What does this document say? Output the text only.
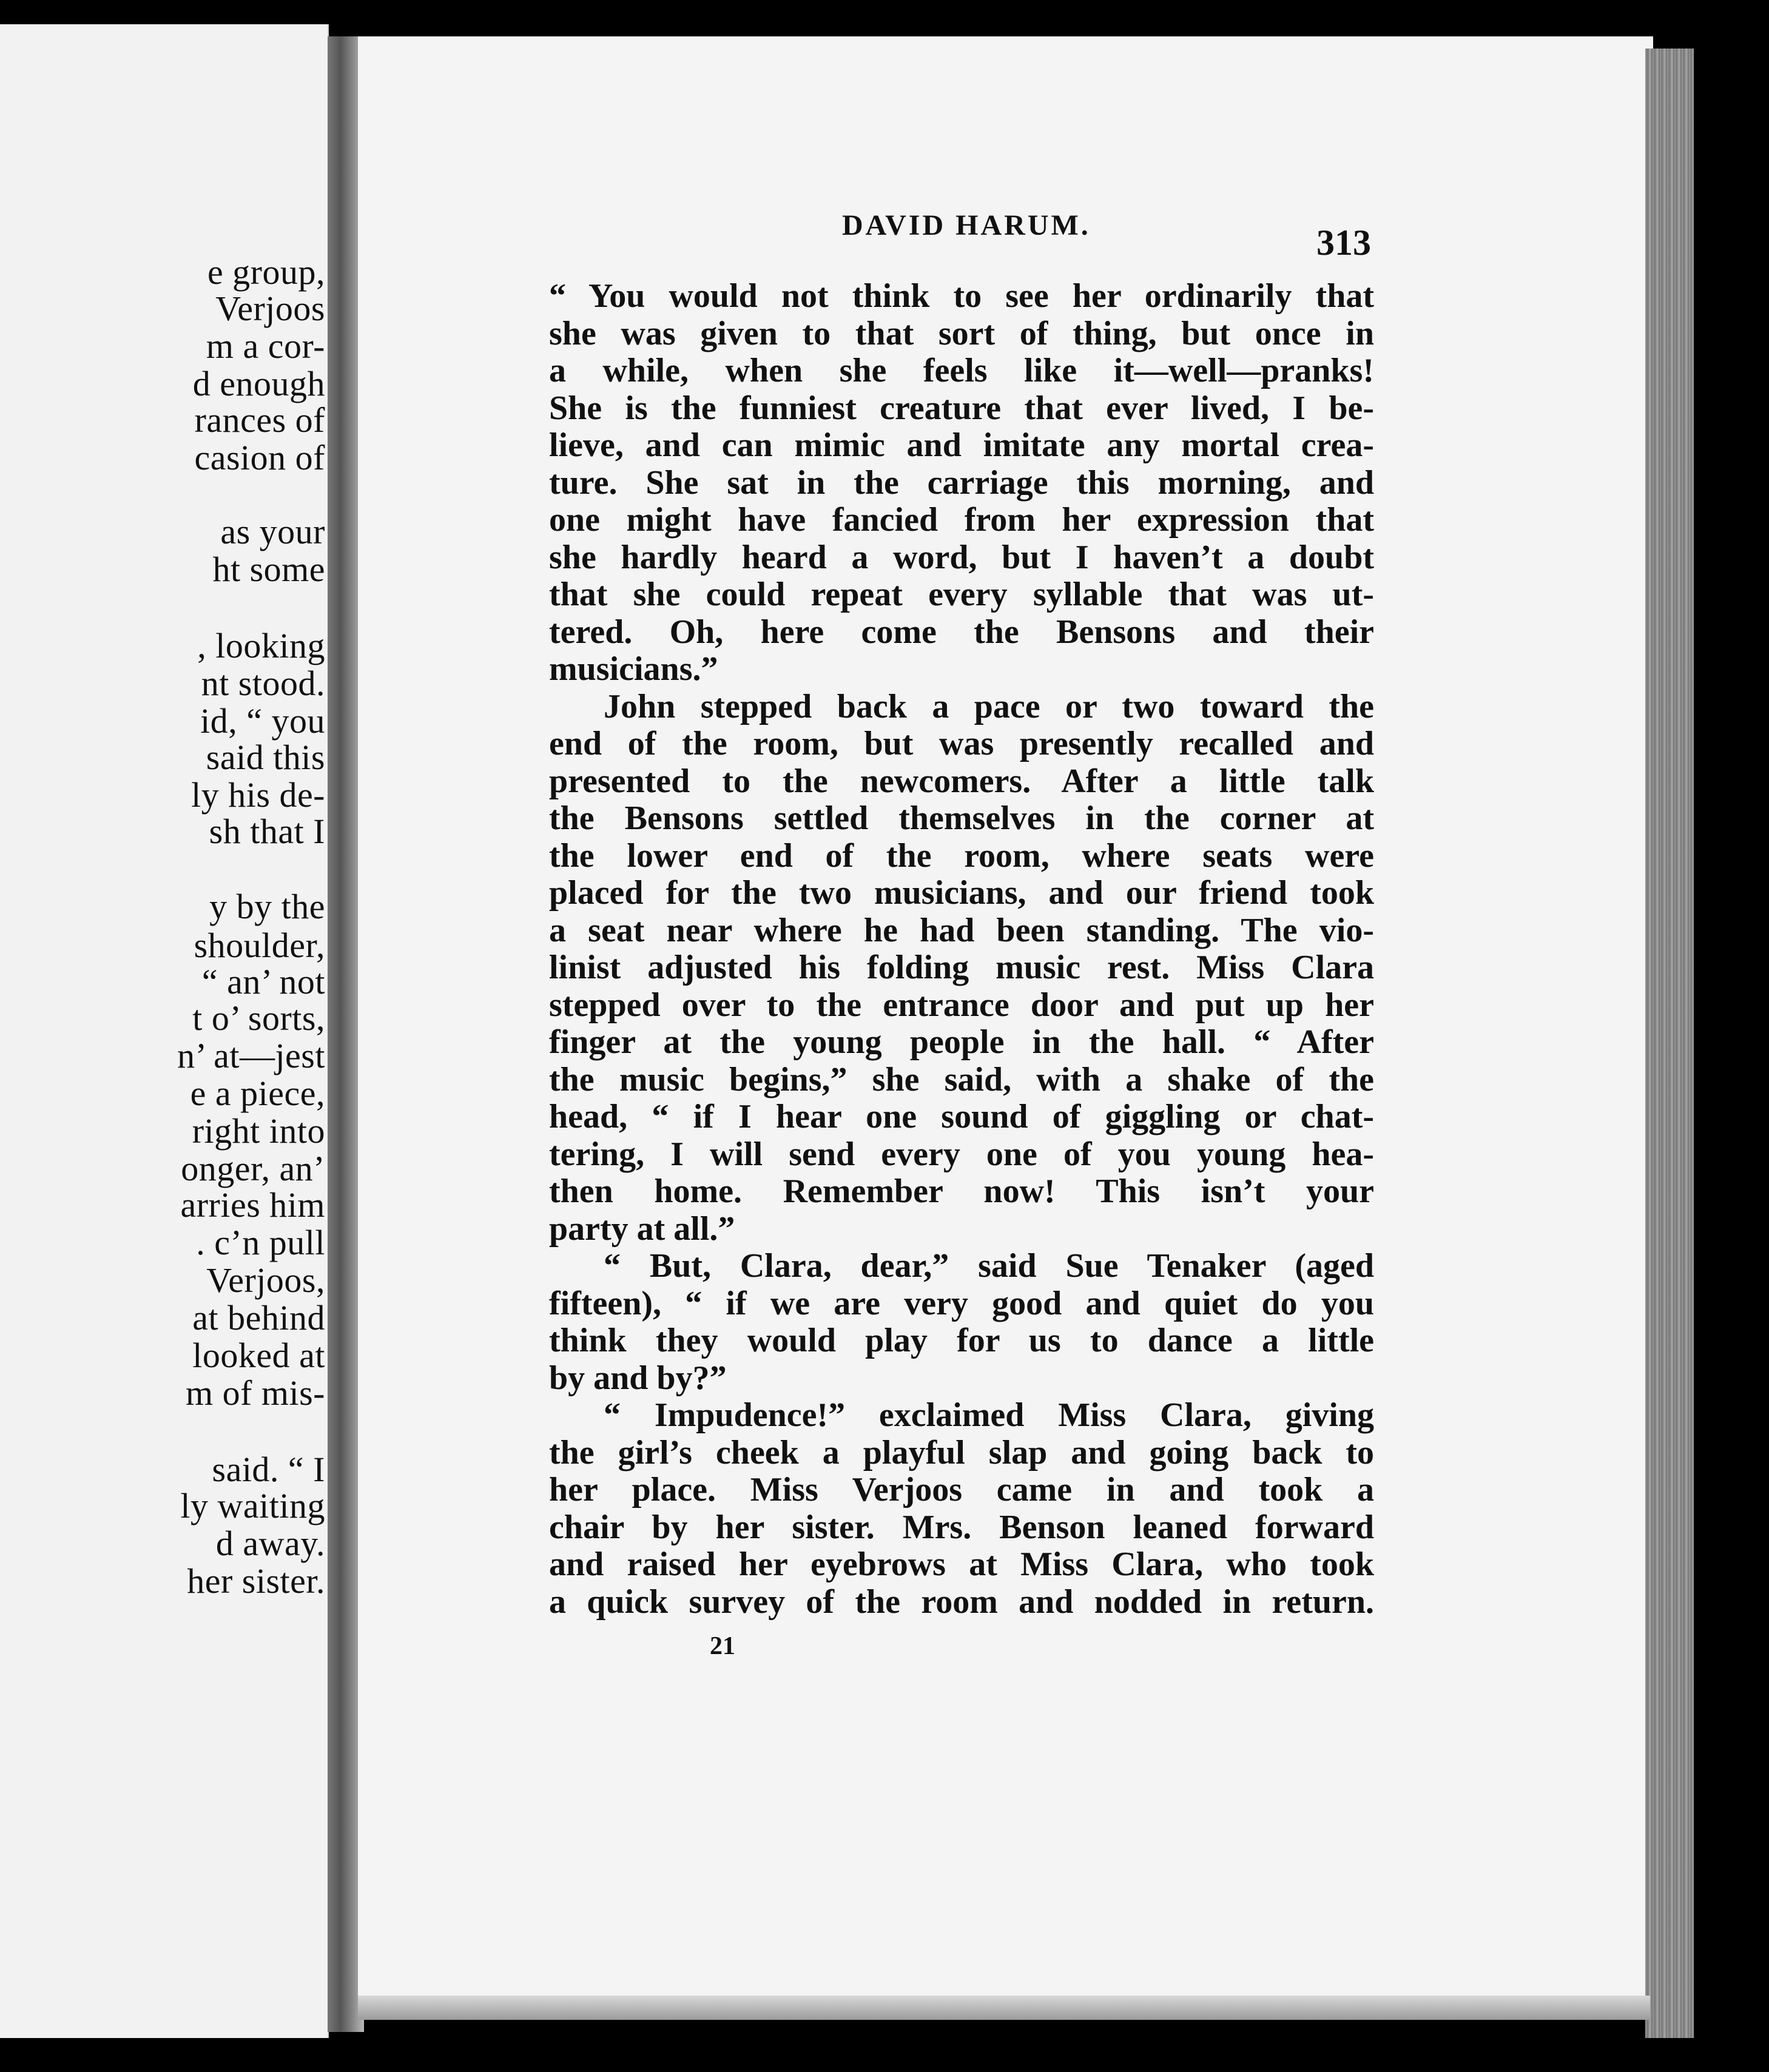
e group,
Verjoos
m a cor-
d enough
rances of
casion of
as your
ht some
, looking
nt stood.
id, “ you
said this
ly his de-
sh that I
y by the
shoulder,
“ an’ not
t o’ sorts,
n’ at—jest
e a piece,
right into
onger, an’
arries him
. c’n pull
Verjoos,
at behind
looked at
m of mis-
said. “ I
ly waiting
d away.
her sister.
DAVID HARUM.	313
“ You would not think to see her ordinarily that
she was given to that sort of thing, but once in
a while, when she feels like it—well—pranks!
She is the funniest creature that ever lived, I be-
lieve, and can mimic and imitate any mortal crea-
ture. She sat in the carriage this morning, and
one might have fancied from her expression that
she hardly heard a word, but I haven’t a doubt
that she could repeat every syllable that was ut-
tered. Oh, here come the Bensons and their
musicians.”
John stepped back a pace or two toward the
end of the room, but was presently recalled and
presented to the newcomers. After a little talk
the Bensons settled themselves in the corner at
the lower end of the room, where seats were
placed for the two musicians, and our friend took
a seat near where he had been standing. The vio-
linist adjusted his folding music rest. Miss Clara
stepped over to the entrance door and put up her
finger at the young people in the hall. “ After
the music begins,” she said, with a shake of the
head, “ if I hear one sound of giggling or chat-
tering, I will send every one of you young hea-
then home. Remember now! This isn’t your
party at all.”
“ But, Clara, dear,” said Sue Tenaker (aged
fifteen), “ if we are very good and quiet do you
think they would play for us to dance a little
by and by?”
“ Impudence!” exclaimed Miss Clara, giving
the girl’s cheek a playful slap and going back to
her place. Miss Verjoos came in and took a
chair by her sister. Mrs. Benson leaned forward
and raised her eyebrows at Miss Clara, who took
a quick survey of the room and nodded in return.
21
